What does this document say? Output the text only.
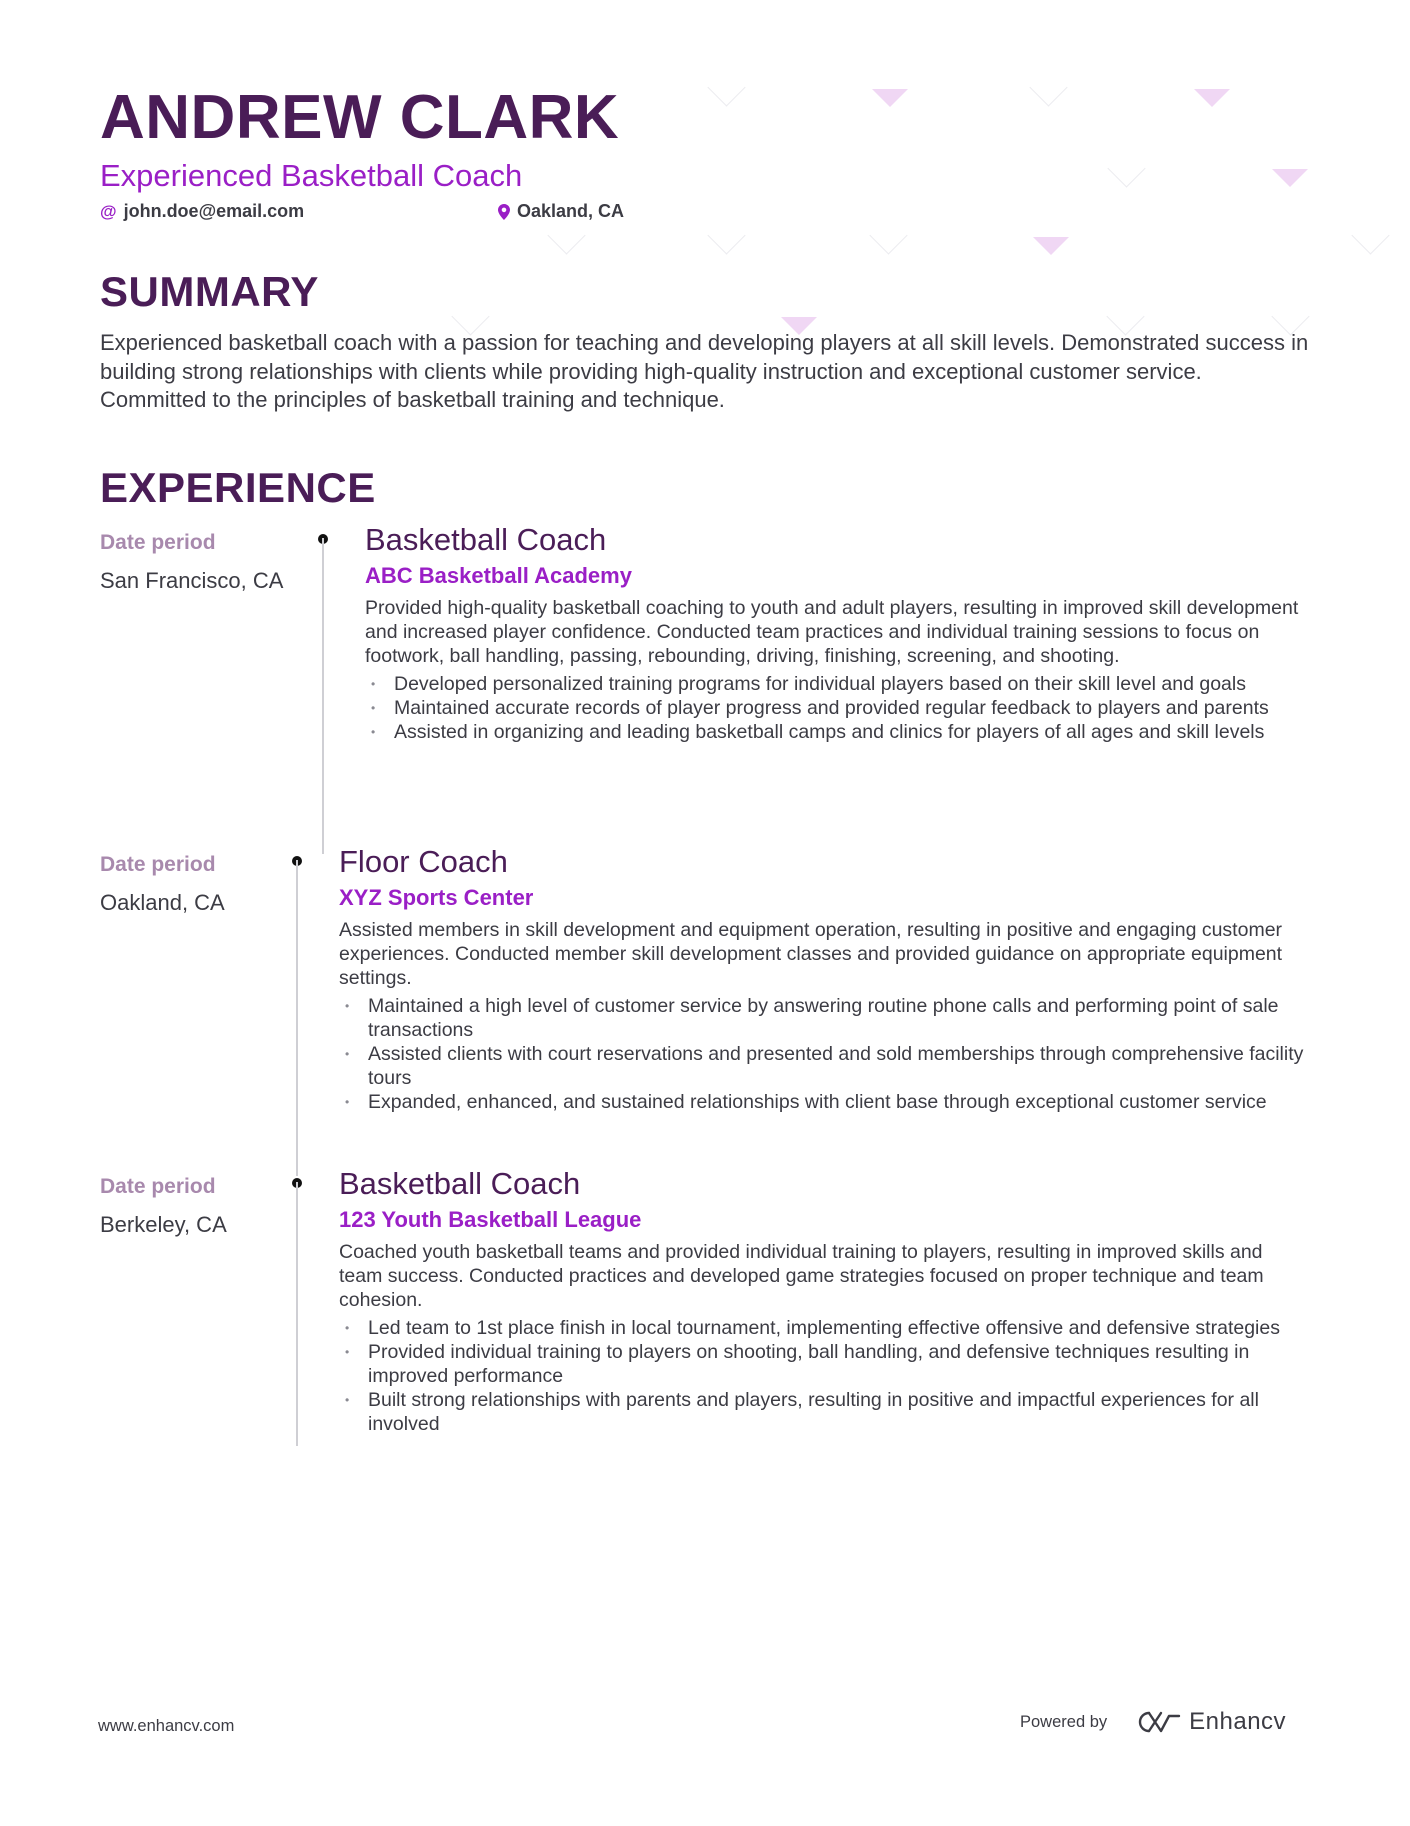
ANDREW CLARK
Experienced Basketball Coach
@ john.doe@email.com	Oakland, CA
SUMMARY

Experienced basketball coach with a passion for teaching and developing players at all skill levels. Demonstrated success in building strong relationships with clients while providing high-quality instruction and exceptional customer service. Committed to the principles of basketball training and technique.

EXPERIENCE
Date period
San Francisco, CA
Basketball Coach
ABC Basketball Academy

Provided high-quality basketball coaching to youth and adult players, resulting in improved skill development and increased player confidence. Conducted team practices and individual training sessions to focus on footwork, ball handling, passing, rebounding, driving, finishing, screening, and shooting.

• Developed personalized training programs for individual players based on their skill level and goals
• Maintained accurate records of player progress and provided regular feedback to players and parents
• Assisted in organizing and leading basketball camps and clinics for players of all ages and skill levels
Date period
Oakland, CA
Floor Coach
XYZ Sports Center

Assisted members in skill development and equipment operation, resulting in positive and engaging customer experiences. Conducted member skill development classes and provided guidance on appropriate equipment settings.

• Maintained a high level of customer service by answering routine phone calls and performing point of sale transactions
• Assisted clients with court reservations and presented and sold memberships through comprehensive facility tours
• Expanded, enhanced, and sustained relationships with client base through exceptional customer service
Date period
Berkeley, CA
Basketball Coach
123 Youth Basketball League

Coached youth basketball teams and provided individual training to players, resulting in improved skills and team success. Conducted practices and developed game strategies focused on proper technique and team cohesion.

• Led team to 1st place finish in local tournament, implementing effective offensive and defensive strategies
• Provided individual training to players on shooting, ball handling, and defensive techniques resulting in improved performance
• Built strong relationships with parents and players, resulting in positive and impactful experiences for all involved
www.enhancv.com	Powered by	Enhancv
